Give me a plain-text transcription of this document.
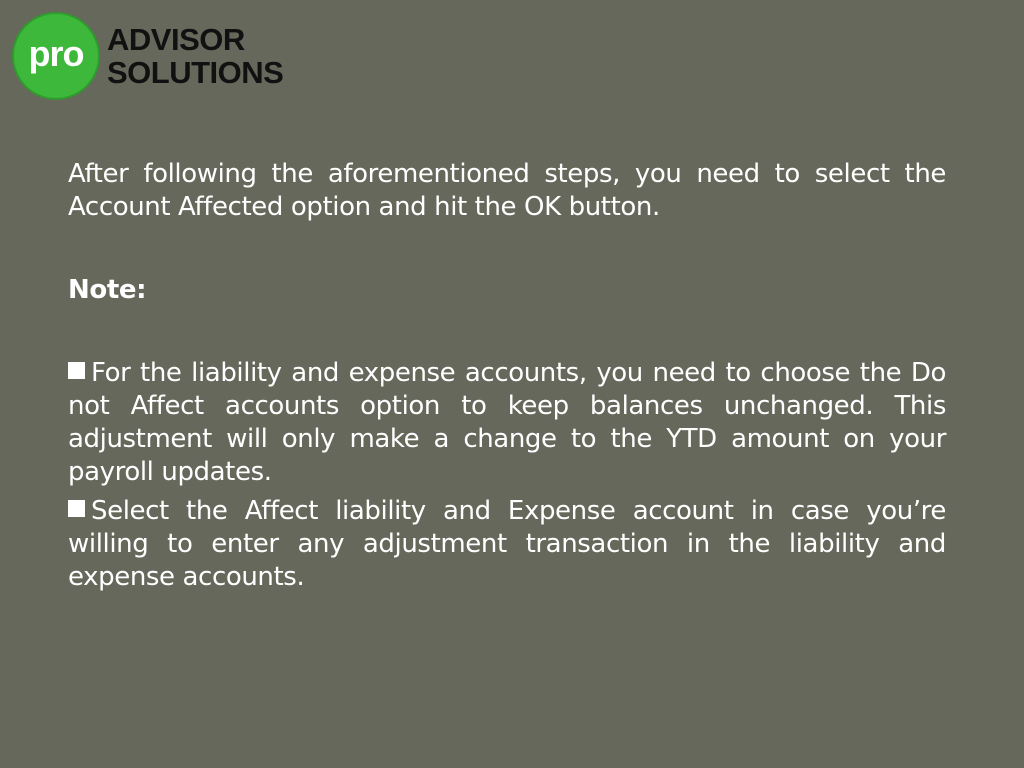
pro ADVISOR
SOLUTIONS

After following the aforementioned steps, you need to select the Account Affected option and hit the OK button.

Note:

For the liability and expense accounts, you need to choose the Do not Affect accounts option to keep balances unchanged. This adjustment will only make a change to the YTD amount on your payroll updates.

Select the Affect liability and Expense account in case you’re willing to enter any adjustment transaction in the liability and expense accounts.
